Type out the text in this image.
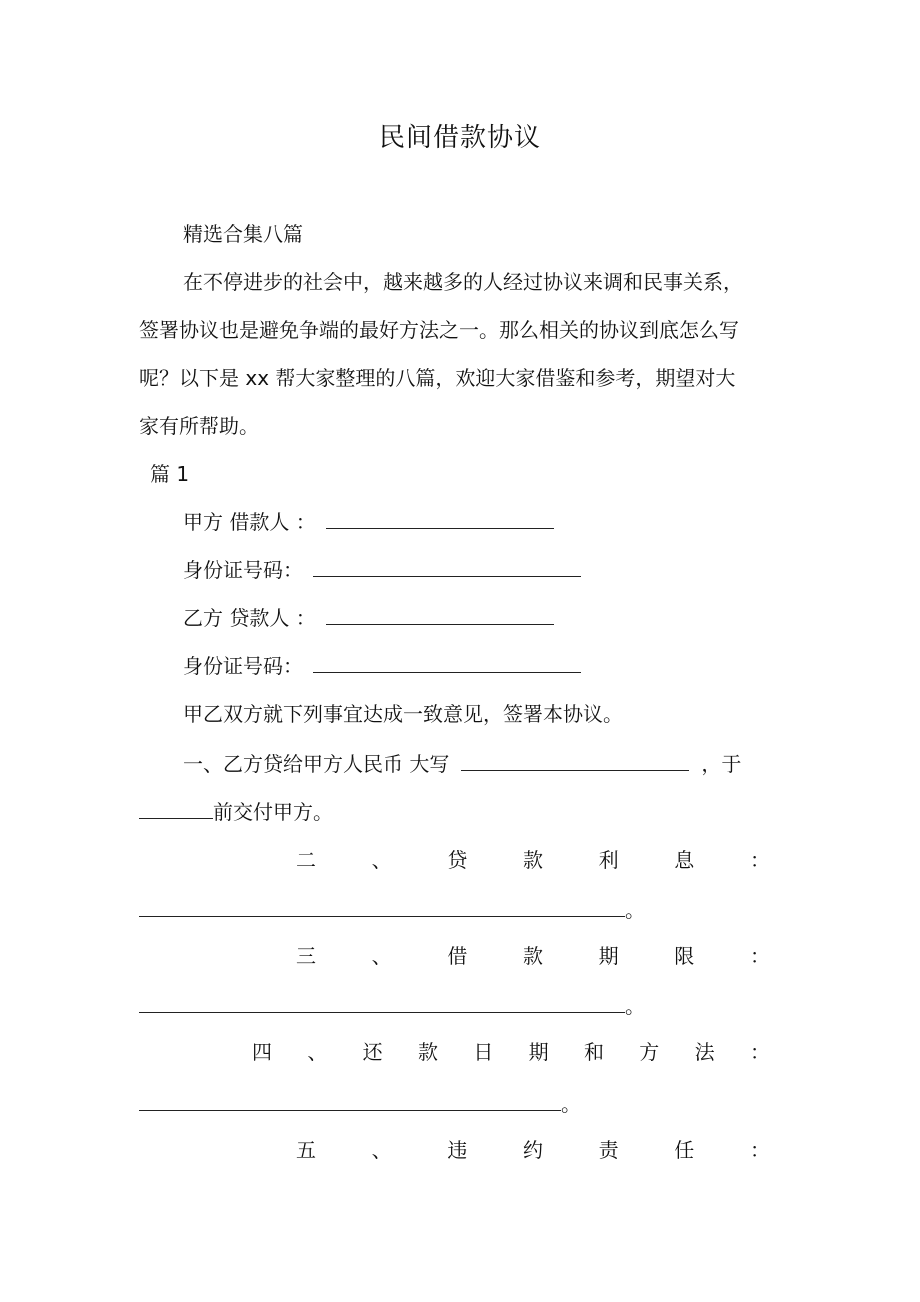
民间借款协议
精选合集八篇
在不停进步的社会中，越来越多的人经过协议来调和民事关系，
签署协议也是避免争端的最好方法之一。那么相关的协议到底怎么写
呢？以下是 xx 帮大家整理的八篇，欢迎大家借鉴和参考，期望对大
家有所帮助。
篇 1
甲方 借款人 ：
身份证号码：
乙方 贷款人 ：
身份证号码：
甲乙双方就下列事宜达成一致意见，签署本协议。
一、乙方贷给甲方人民币 大写	，于
前交付甲方。
二	、	贷	款	利	息	：
。
三	、	借	款	期	限	：
。
四 、 还 款 日 期 和 方 法 ：
。
五	、	违	约	责	任	：
